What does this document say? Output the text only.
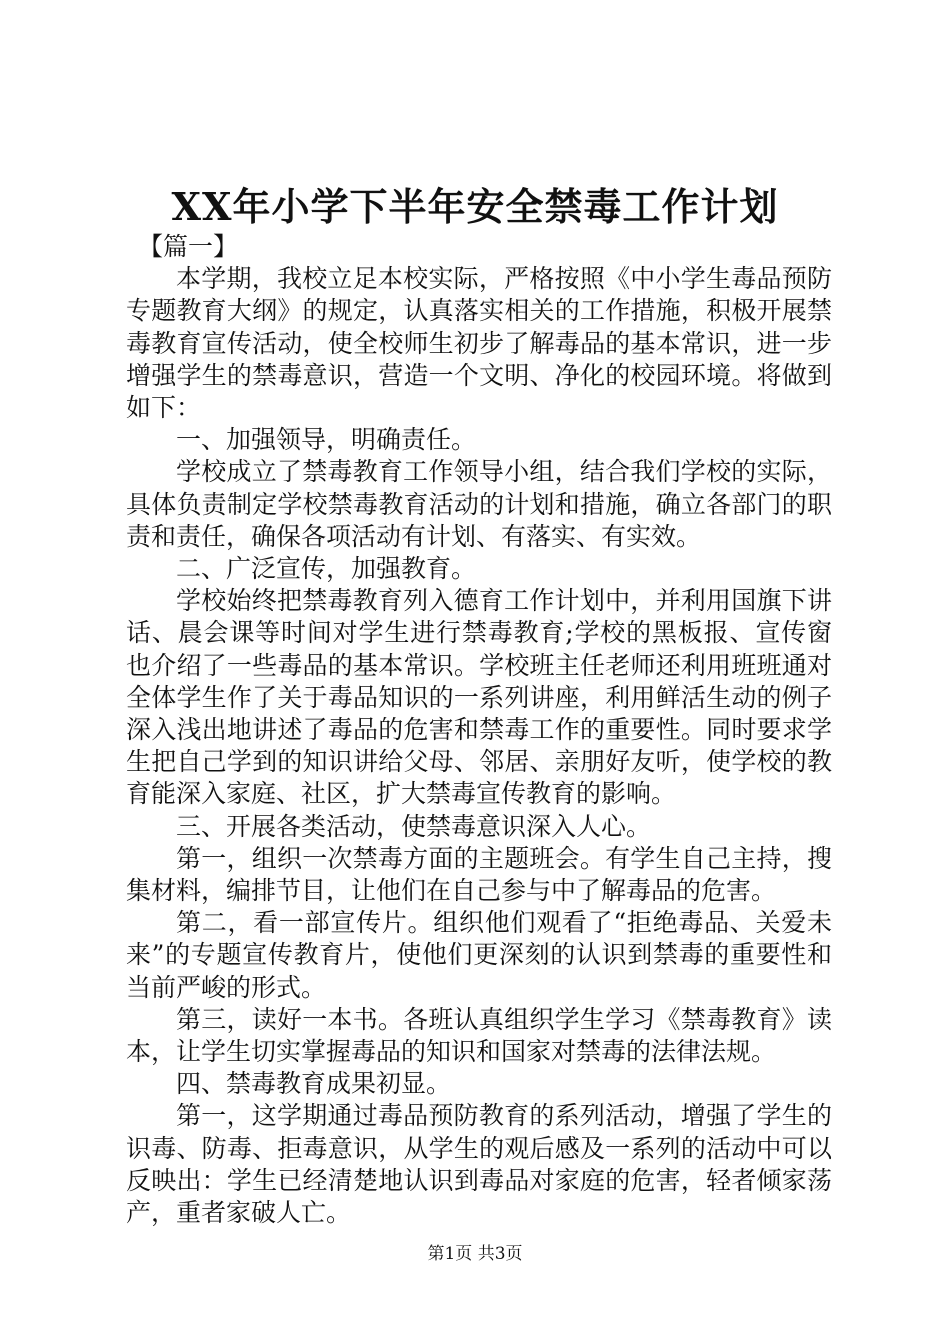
XX年小学下半年安全禁毒工作计划

【篇一】

本学期，我校立足本校实际，严格按照《中小学生毒品预防专题教育大纲》的规定，认真落实相关的工作措施，积极开展禁毒教育宣传活动，使全校师生初步了解毒品的基本常识，进一步增强学生的禁毒意识，营造一个文明、净化的校园环境。将做到如下：

一、加强领导，明确责任。

学校成立了禁毒教育工作领导小组，结合我们学校的实际，具体负责制定学校禁毒教育活动的计划和措施，确立各部门的职责和责任，确保各项活动有计划、有落实、有实效。

二、广泛宣传，加强教育。

学校始终把禁毒教育列入德育工作计划中，并利用国旗下讲话、晨会课等时间对学生进行禁毒教育;学校的黑板报、宣传窗也介绍了一些毒品的基本常识。学校班主任老师还利用班班通对全体学生作了关于毒品知识的一系列讲座，利用鲜活生动的例子深入浅出地讲述了毒品的危害和禁毒工作的重要性。同时要求学生把自己学到的知识讲给父母、邻居、亲朋好友听，使学校的教育能深入家庭、社区，扩大禁毒宣传教育的影响。

三、开展各类活动，使禁毒意识深入人心。

第一，组织一次禁毒方面的主题班会。有学生自己主持，搜集材料，编排节目，让他们在自己参与中了解毒品的危害。

第二，看一部宣传片。组织他们观看了“拒绝毒品、关爱未来”的专题宣传教育片，使他们更深刻的认识到禁毒的重要性和当前严峻的形式。

第三，读好一本书。各班认真组织学生学习《禁毒教育》读本，让学生切实掌握毒品的知识和国家对禁毒的法律法规。

四、禁毒教育成果初显。

第一，这学期通过毒品预防教育的系列活动，增强了学生的识毒、防毒、拒毒意识，从学生的观后感及一系列的活动中可以反映出：学生已经清楚地认识到毒品对家庭的危害，轻者倾家荡产，重者家破人亡。

第1页 共3页
